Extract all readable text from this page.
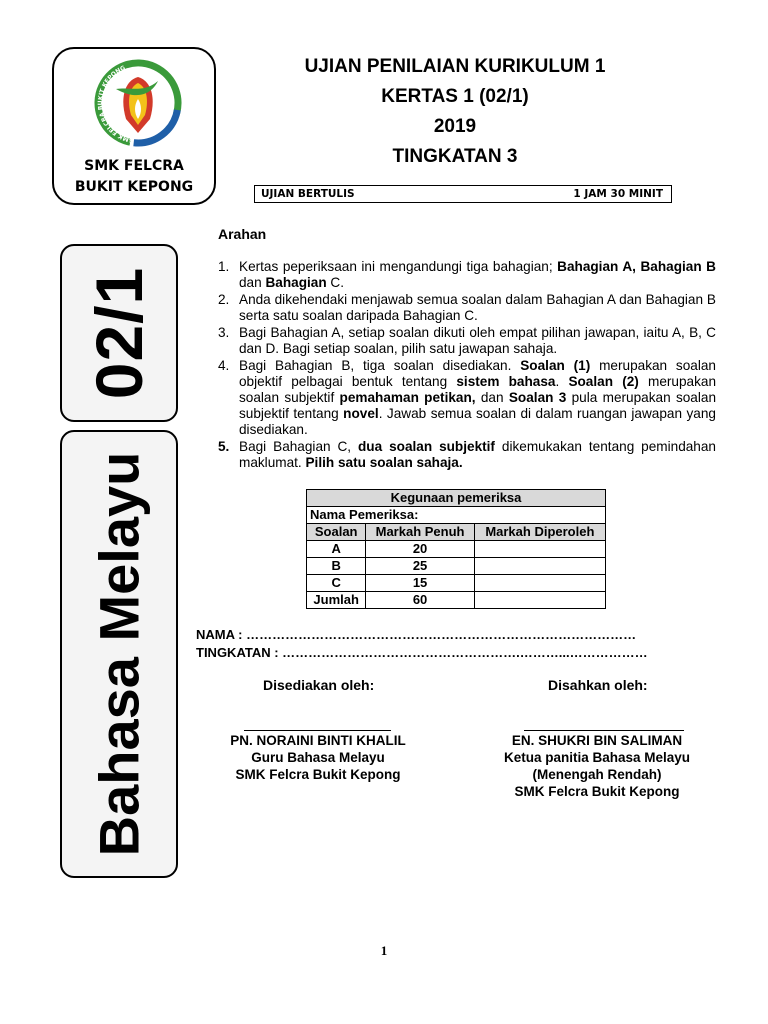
SMK FELCRA BUKIT KEPONG
SMK FELCRA
BUKIT KEPONG
02/1
Bahasa Melayu
UJIAN PENILAIAN KURIKULUM 1
KERTAS 1 (02/1)
2019
TINGKATAN 3
UJIAN BERTULIS	1 JAM 30 MINIT
Arahan
1. Kertas peperiksaan ini mengandungi tiga bahagian; Bahagian A, Bahagian B dan Bahagian C.
2. Anda dikehendaki menjawab semua soalan dalam Bahagian A dan Bahagian B serta satu soalan daripada Bahagian C.
3. Bagi Bahagian A, setiap soalan dikuti oleh empat pilihan jawapan, iaitu A, B, C dan D. Bagi setiap soalan, pilih satu jawapan sahaja.
4. Bagi Bahagian B, tiga soalan disediakan. Soalan (1) merupakan soalan objektif pelbagai bentuk tentang sistem bahasa. Soalan (2) merupakan soalan subjektif pemahaman petikan, dan Soalan 3 pula merupakan soalan subjektif tentang novel. Jawab semua soalan di dalam ruangan jawapan yang disediakan.
5. Bagi Bahagian C, dua soalan subjektif dikemukakan tentang pemindahan maklumat. Pilih satu soalan sahaja.
Kegunaan pemeriksa		
Nama Pemeriksa:		
Soalan	Markah Penuh	Markah Diperoleh
A	20	
B	25	
C	15	
Jumlah	60	
NAMA : ………………………………………………………………………………
TINGKATAN : ……………………………………………….………...………………
Disediakan oleh:	Disahkan oleh:
PN. NORAINI BINTI KHALIL
Guru Bahasa Melayu
SMK Felcra Bukit Kepong
EN. SHUKRI BIN SALIMAN
Ketua panitia Bahasa Melayu
(Menengah Rendah)
SMK Felcra Bukit Kepong
1
